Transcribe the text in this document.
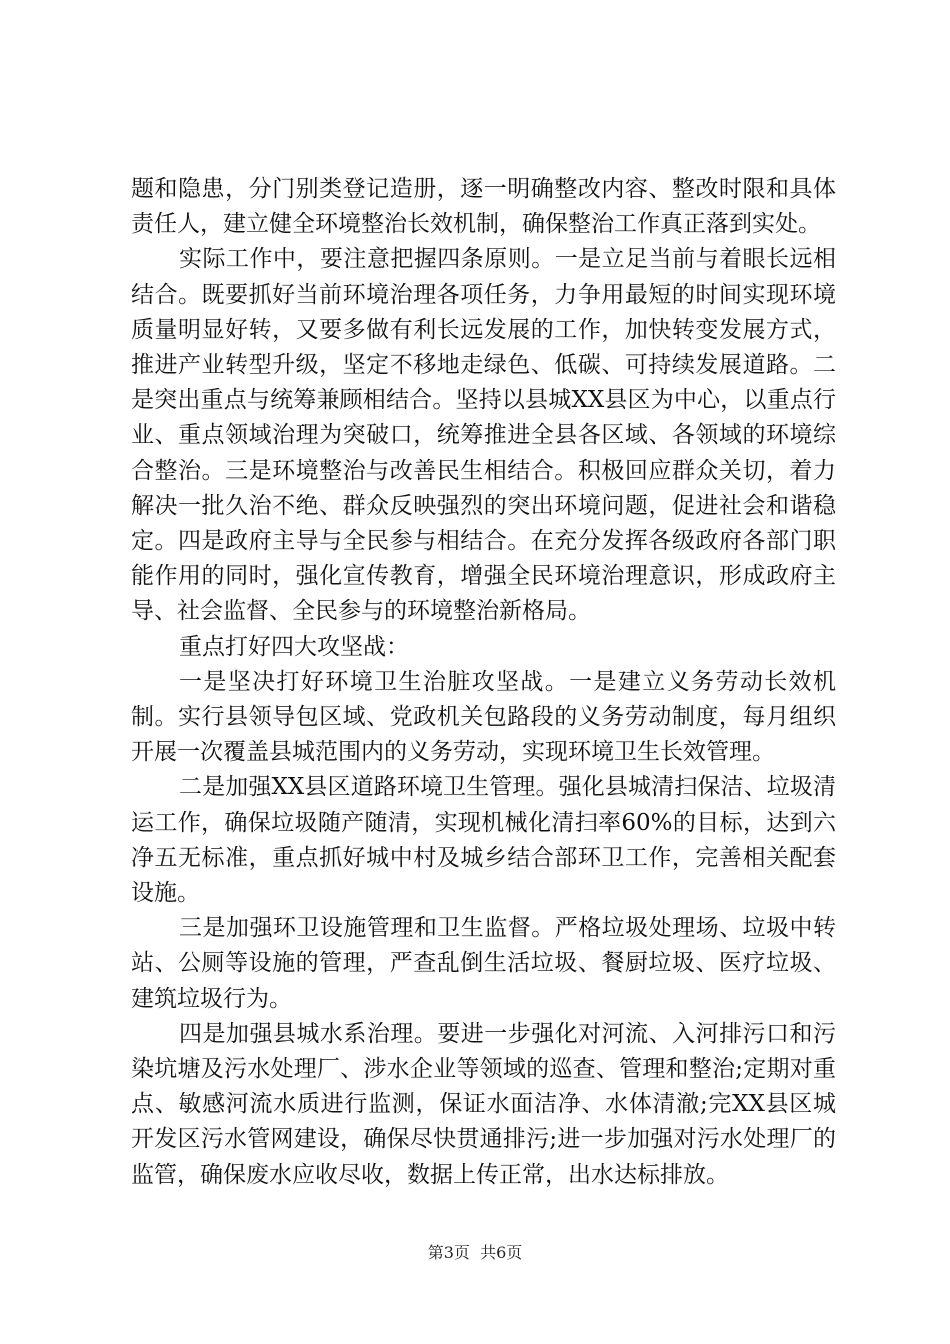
题和隐患，分门别类登记造册，逐一明确整改内容、整改时限和具体责任人，建立健全环境整治长效机制，确保整治工作真正落到实处。

实际工作中，要注意把握四条原则。一是立足当前与着眼长远相结合。既要抓好当前环境治理各项任务，力争用最短的时间实现环境质量明显好转，又要多做有利长远发展的工作，加快转变发展方式，推进产业转型升级，坚定不移地走绿色、低碳、可持续发展道路。二是突出重点与统筹兼顾相结合。坚持以县城XX县区为中心，以重点行业、重点领域治理为突破口，统筹推进全县各区域、各领域的环境综合整治。三是环境整治与改善民生相结合。积极回应群众关切，着力解决一批久治不绝、群众反映强烈的突出环境问题，促进社会和谐稳定。四是政府主导与全民参与相结合。在充分发挥各级政府各部门职能作用的同时，强化宣传教育，增强全民环境治理意识，形成政府主导、社会监督、全民参与的环境整治新格局。

重点打好四大攻坚战：

一是坚决打好环境卫生治脏攻坚战。一是建立义务劳动长效机制。实行县领导包区域、党政机关包路段的义务劳动制度，每月组织开展一次覆盖县城范围内的义务劳动，实现环境卫生长效管理。

二是加强XX县区道路环境卫生管理。强化县城清扫保洁、垃圾清运工作，确保垃圾随产随清，实现机械化清扫率60%的目标，达到六净五无标准，重点抓好城中村及城乡结合部环卫工作，完善相关配套设施。

三是加强环卫设施管理和卫生监督。严格垃圾处理场、垃圾中转站、公厕等设施的管理，严查乱倒生活垃圾、餐厨垃圾、医疗垃圾、建筑垃圾行为。

四是加强县城水系治理。要进一步强化对河流、入河排污口和污染坑塘及污水处理厂、涉水企业等领域的巡查、管理和整治;定期对重点、敏感河流水质进行监测，保证水面洁净、水体清澈;完XX县区城开发区污水管网建设，确保尽快贯通排污;进一步加强对污水处理厂的监管，确保废水应收尽收，数据上传正常，出水达标排放。

第3页  共6页
